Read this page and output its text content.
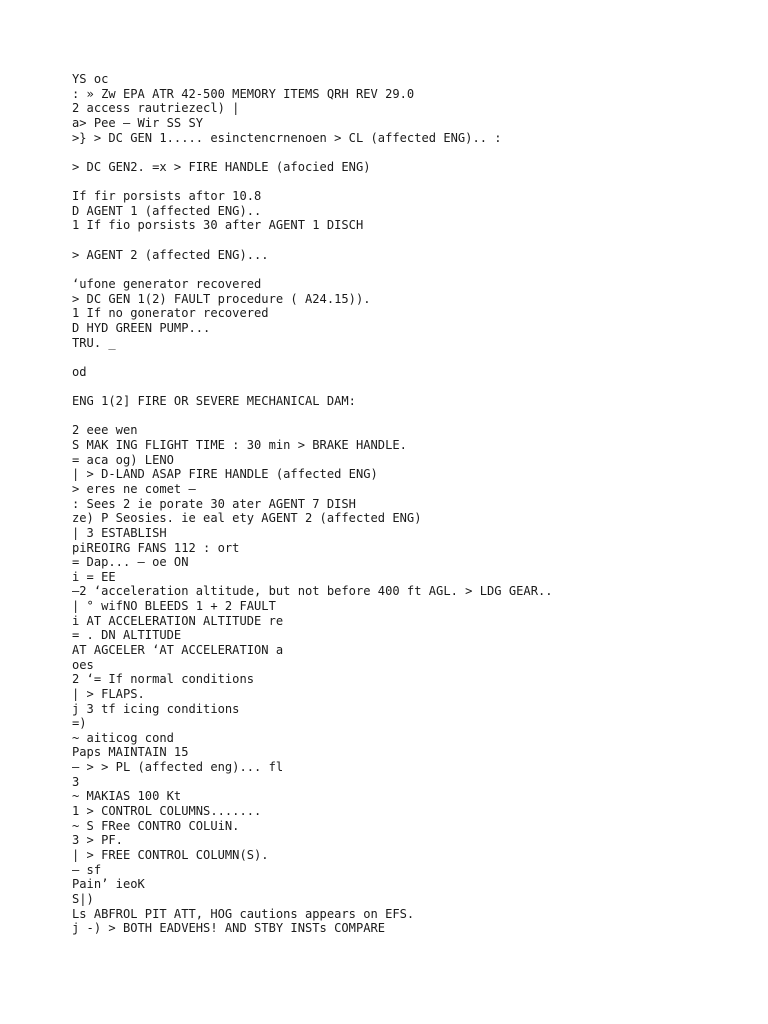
YS oc
: » Zw EPA ATR 42-500 MEMORY ITEMS QRH REV 29.0
2 access rautriezecl) |
a> Pee — Wir SS SY
>} > DC GEN 1..... esinctencrnenoen > CL (affected ENG).. :
> DC GEN2. =x > FIRE HANDLE (afocied ENG)
If fir porsists aftor 10.8
D AGENT 1 (affected ENG)..
1 If fio porsists 30 after AGENT 1 DISCH
> AGENT 2 (affected ENG)...
‘ufone generator recovered
> DC GEN 1(2) FAULT procedure ( A24.15)).
1 If no gonerator recovered
D HYD GREEN PUMP...
TRU. _
od
ENG 1(2] FIRE OR SEVERE MECHANICAL DAM:
2 eee wen
S MAK ING FLIGHT TIME : 30 min > BRAKE HANDLE.
= aca og) LENO
| > D-LAND ASAP FIRE HANDLE (affected ENG)
> eres ne comet —
: Sees 2 ie porate 30 ater AGENT 7 DISH
ze) P Seosies. ie eal ety AGENT 2 (affected ENG)
| 3 ESTABLISH
piREOIRG FANS 112 : ort
= Dap... — oe ON
i = EE
—2 ‘acceleration altitude, but not before 400 ft AGL. > LDG GEAR..
| ° wifNO BLEEDS 1 + 2 FAULT
i AT ACCELERATION ALTITUDE re
= . DN ALTITUDE
AT AGCELER ‘AT ACCELERATION a
oes
2 ‘= If normal conditions
| > FLAPS.
j 3 tf icing conditions
=)
~ aiticog cond
Paps MAINTAIN 15
— > > PL (affected eng)... fl
3
~ MAKIAS 100 Kt
1 > CONTROL COLUMNS.......
~ S FRee CONTRO COLUiN.
3 > PF.
| > FREE CONTROL COLUMN(S).
— sf
Pain’ ieoK
S|)
Ls ABFROL PIT ATT, HOG cautions appears on EFS.
j -) > BOTH EADVEHS! AND STBY INSTs COMPARE
